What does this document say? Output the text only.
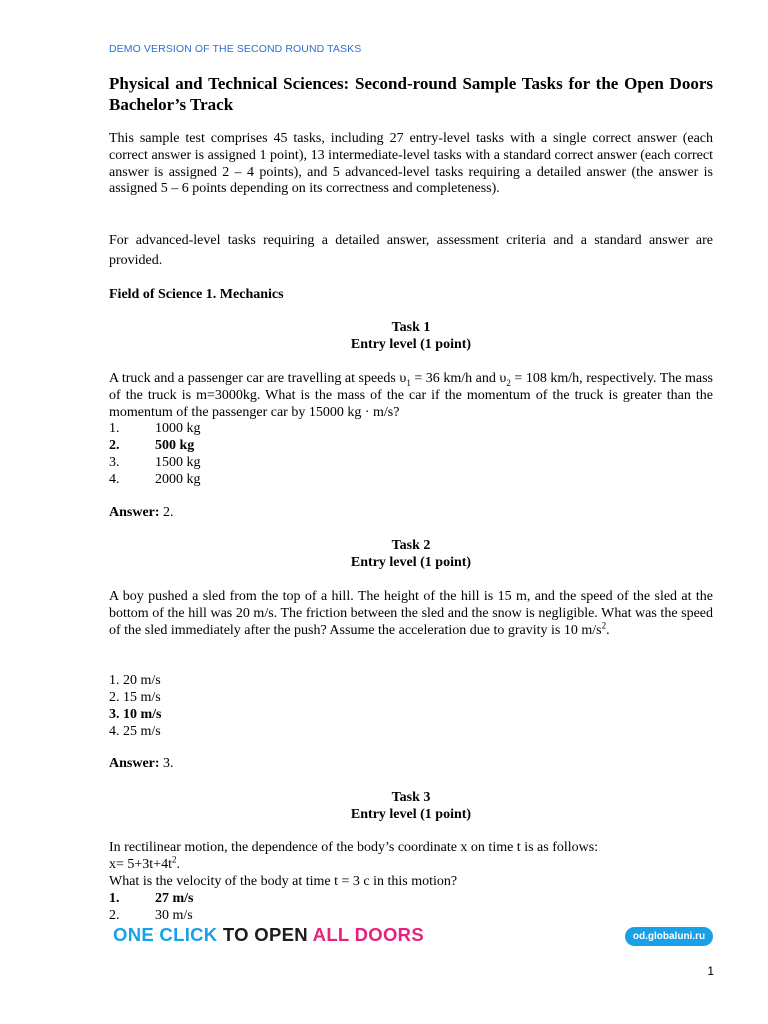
DEMO VERSION OF THE SECOND ROUND TASKS
Physical and Technical Sciences: Second-round Sample Tasks for the Open Doors Bachelor’s Track
This sample test comprises 45 tasks, including 27 entry-level tasks with a single correct answer (each correct answer is assigned 1 point), 13 intermediate-level tasks with a standard correct answer (each correct answer is assigned 2 – 4 points), and 5 advanced-level tasks requiring a detailed answer (the answer is assigned 5 – 6 points depending on its correctness and completeness).
For advanced-level tasks requiring a detailed answer, assessment criteria and a standard answer are provided.
Field of Science 1. Mechanics
Task 1
Entry level (1 point)
A truck and a passenger car are travelling at speeds $\upsilon_1 = 36$ km/h and $\upsilon_2 = 108$ km/h, respectively. The mass of the truck is m=3000kg. What is the mass of the car if the momentum of the truck is greater than the momentum of the passenger car by 15000 kg · m/s?
1.	1000 kg
2.	500 kg
3.	1500 kg
4.	2000 kg
Answer: 2.
Task 2
Entry level (1 point)
A boy pushed a sled from the top of a hill. The height of the hill is 15 m, and the speed of the sled at the bottom of the hill was 20 m/s. The friction between the sled and the snow is negligible. What was the speed of the sled immediately after the push? Assume the acceleration due to gravity is 10 $m/s^2$.
1. 20 m/s
2. 15 m/s
3. 10 m/s
4. 25 m/s
Answer: 3.
Task 3
Entry level (1 point)
In rectilinear motion, the dependence of the body’s coordinate x on time t is as follows:
$x= 5+3t+4t^2$.
What is the velocity of the body at time t = 3 c in this motion?
1.	27 m/s
2.	30 m/s
ONE CLICK TO OPEN ALL DOORS	od.globaluni.ru
1
